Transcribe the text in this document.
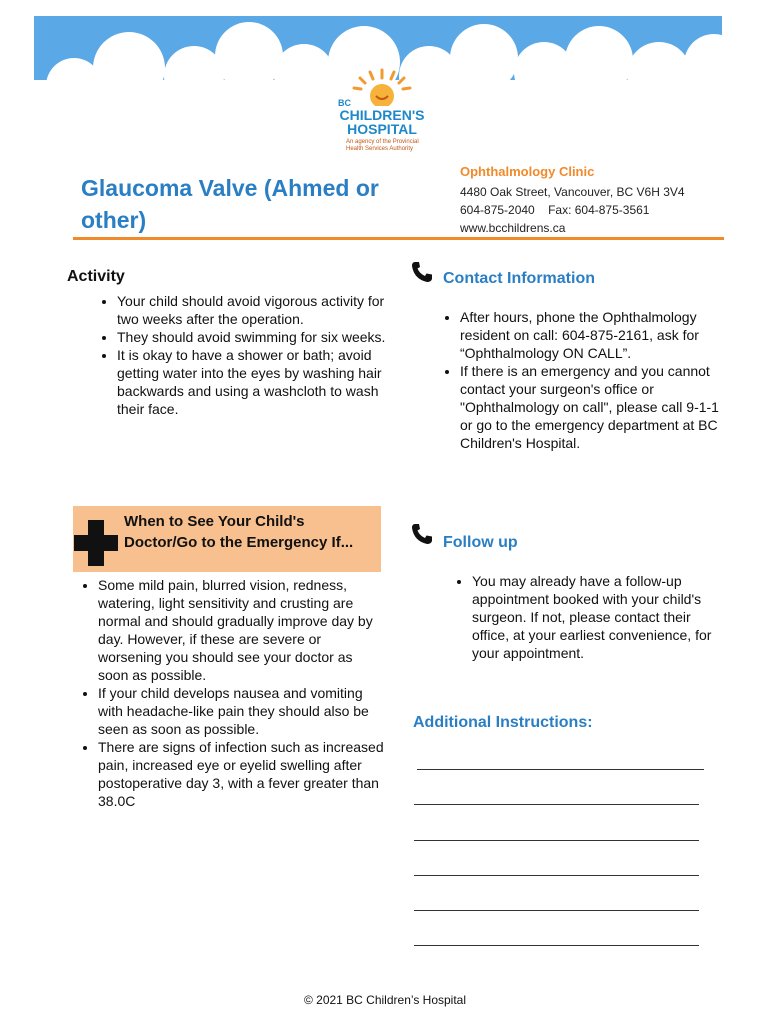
BC
CHILDREN'S
HOSPITAL
An agency of the Provincial
Health Services Authority
Glaucoma Valve (Ahmed or other)
Ophthalmology Clinic
4480 Oak Street, Vancouver, BC V6H 3V4
604-875-2040    Fax: 604-875-3561
www.bcchildrens.ca
Activity
• Your child should avoid vigorous activity for two weeks after the operation.
• They should avoid swimming for six weeks.
• It is okay to have a shower or bath; avoid getting water into the eyes by washing hair backwards and using a washcloth to wash their face.
Contact Information
• After hours, phone the Ophthalmology resident on call: 604-875-2161, ask for “Ophthalmology ON CALL”.
• If there is an emergency and you cannot contact your surgeon's office or "Ophthalmology on call", please call 9-1-1 or go to the emergency department at BC Children's Hospital.
When to See Your Child's Doctor/Go to the Emergency If...
• Some mild pain, blurred vision, redness, watering, light sensitivity and crusting are normal and should gradually improve day by day. However, if these are severe or worsening you should see your doctor as soon as possible.
• If your child develops nausea and vomiting with headache-like pain they should also be seen as soon as possible.
• There are signs of infection such as increased pain, increased eye or eyelid swelling after postoperative day 3, with a fever greater than 38.0C
Follow up
• You may already have a follow-up appointment booked with your child's surgeon. If not, please contact their office, at your earliest convenience, for your appointment.
Additional Instructions:
© 2021 BC Children’s Hospital
